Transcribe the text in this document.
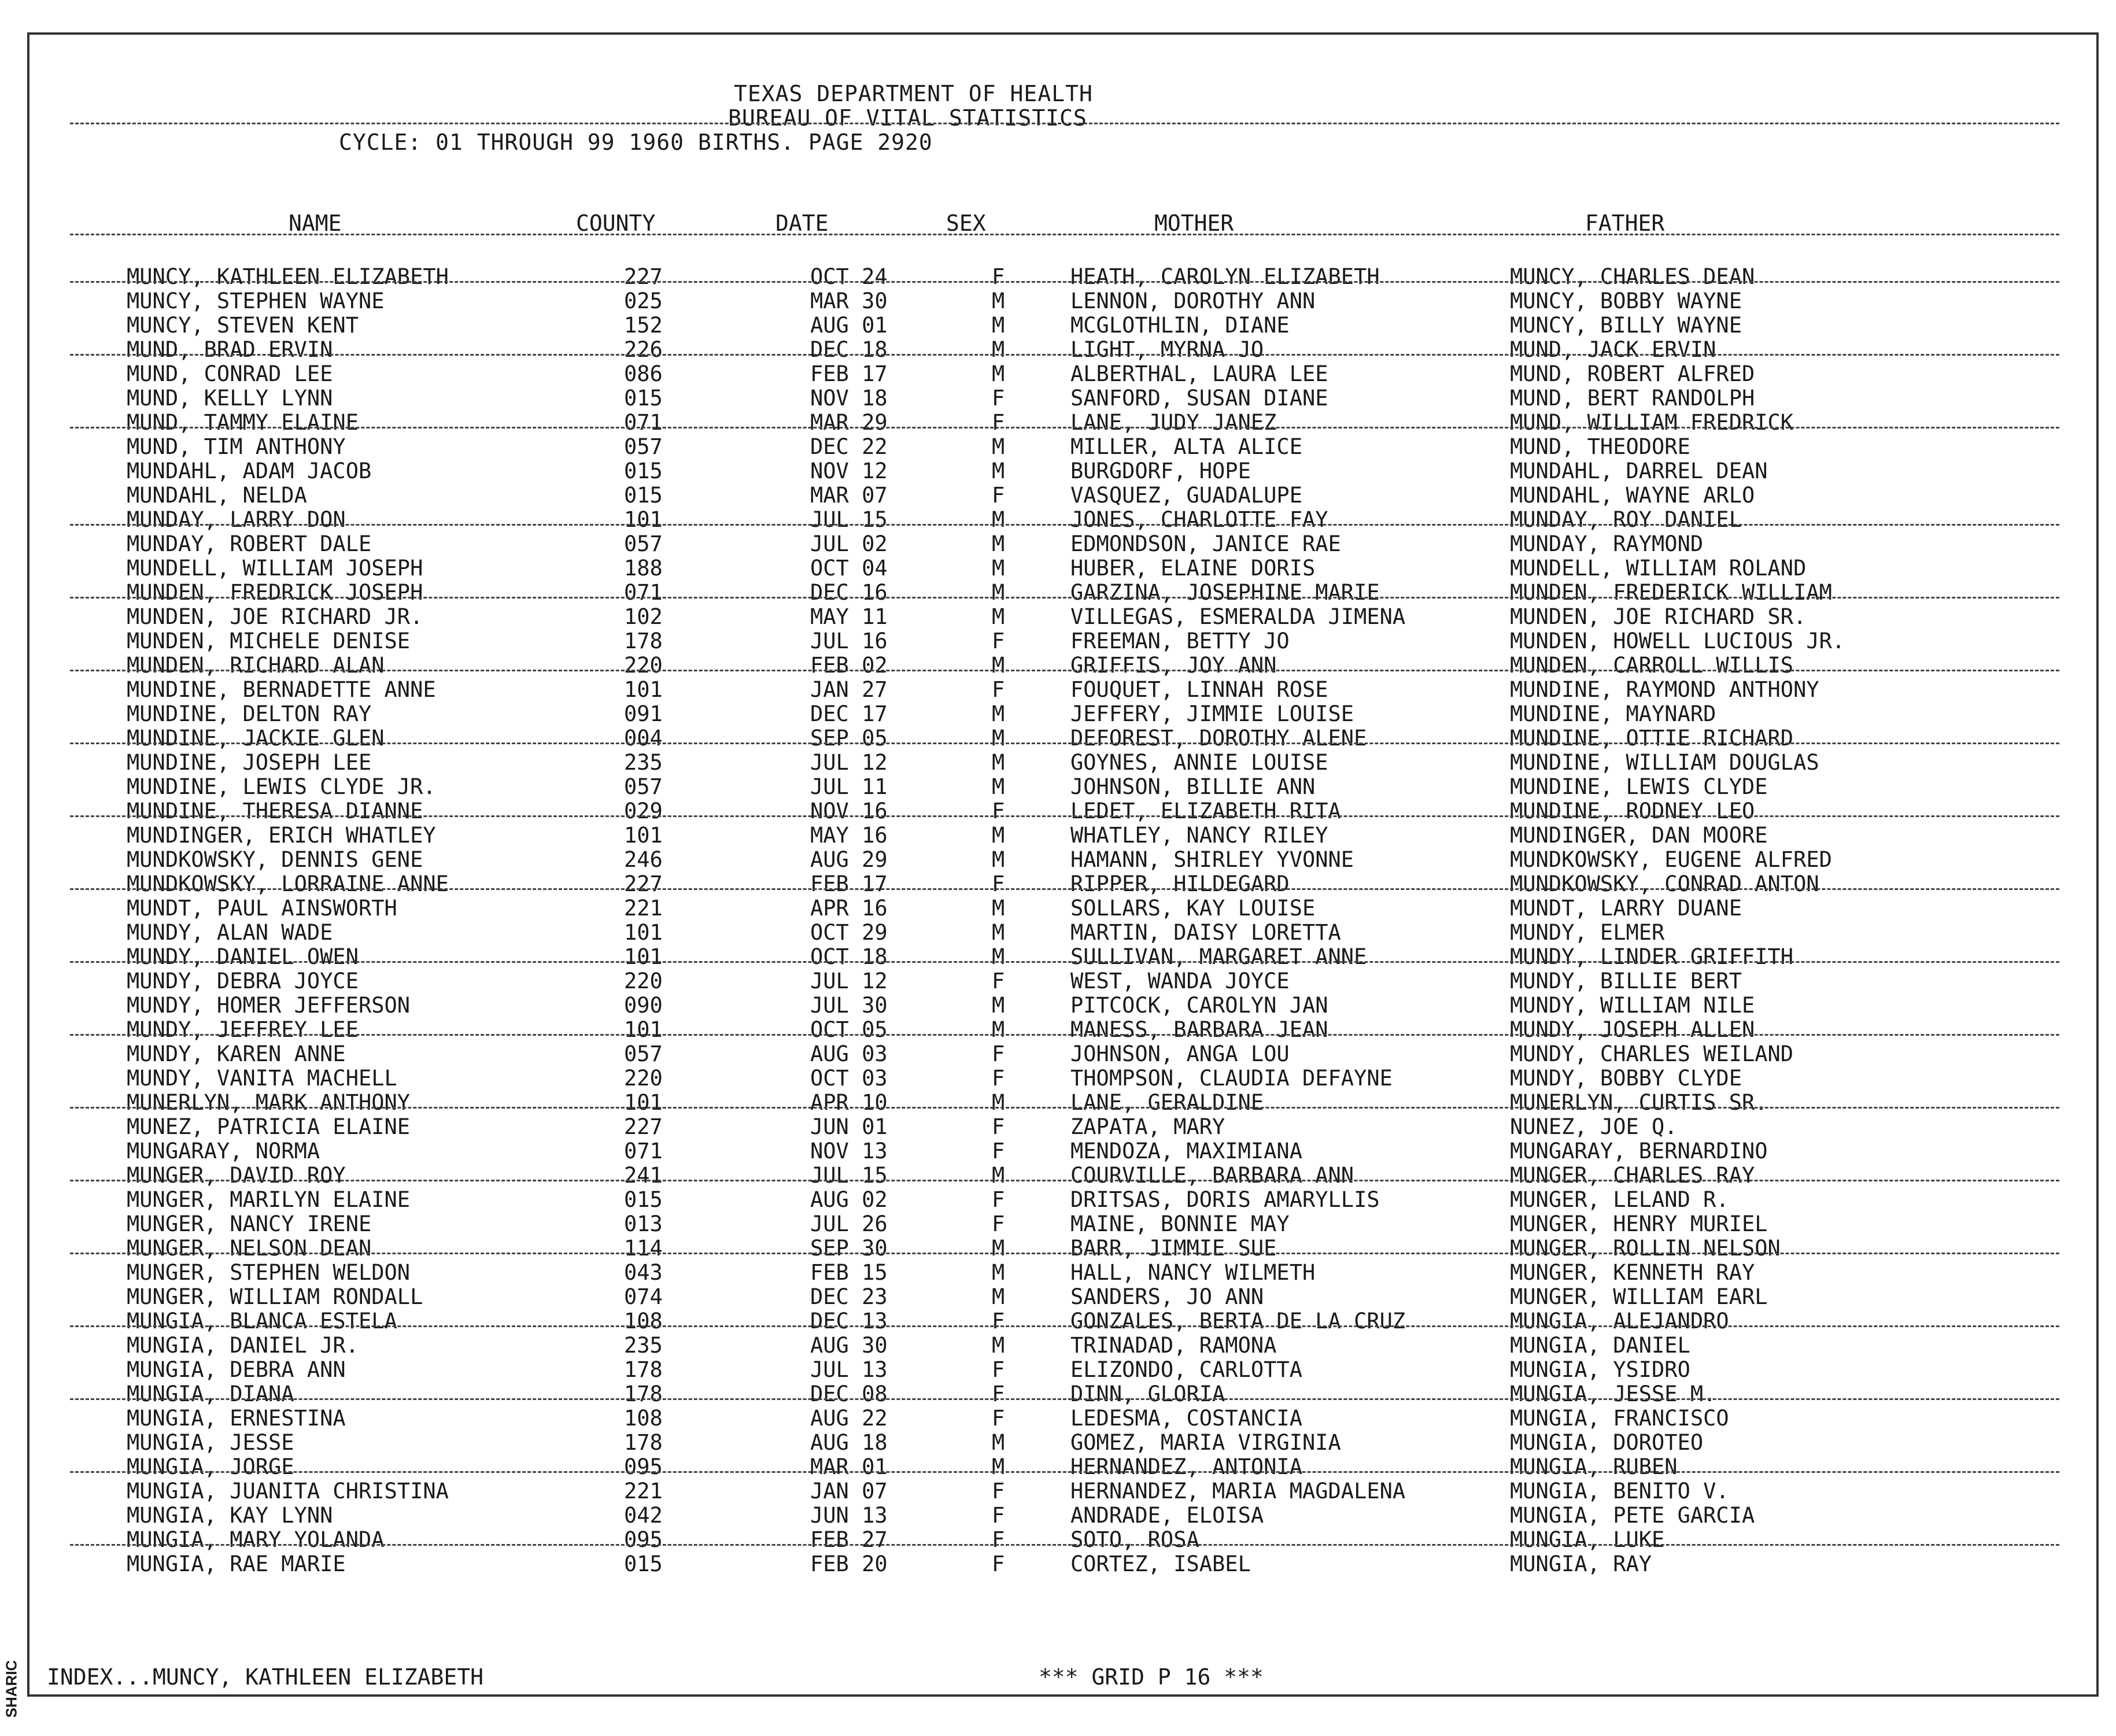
SHARIC
TEXAS DEPARTMENT OF HEALTH
BUREAU OF VITAL STATISTICS
CYCLE: 01 THROUGH 99 1960 BIRTHS. PAGE 2920
NAME	COUNTY	DATE	SEX	MOTHER	FATHER
MUNCY, KATHLEEN ELIZABETH	227	OCT 24	F	HEATH, CAROLYN ELIZABETH	MUNCY, CHARLES DEAN
MUNCY, STEPHEN WAYNE	025	MAR 30	M	LENNON, DOROTHY ANN	MUNCY, BOBBY WAYNE
MUNCY, STEVEN KENT	152	AUG 01	M	MCGLOTHLIN, DIANE	MUNCY, BILLY WAYNE
MUND, BRAD ERVIN	226	DEC 18	M	LIGHT, MYRNA JO	MUND, JACK ERVIN
MUND, CONRAD LEE	086	FEB 17	M	ALBERTHAL, LAURA LEE	MUND, ROBERT ALFRED
MUND, KELLY LYNN	015	NOV 18	F	SANFORD, SUSAN DIANE	MUND, BERT RANDOLPH
MUND, TAMMY ELAINE	071	MAR 29	F	LANE, JUDY JANEZ	MUND, WILLIAM FREDRICK
MUND, TIM ANTHONY	057	DEC 22	M	MILLER, ALTA ALICE	MUND, THEODORE
MUNDAHL, ADAM JACOB	015	NOV 12	M	BURGDORF, HOPE	MUNDAHL, DARREL DEAN
MUNDAHL, NELDA	015	MAR 07	F	VASQUEZ, GUADALUPE	MUNDAHL, WAYNE ARLO
MUNDAY, LARRY DON	101	JUL 15	M	JONES, CHARLOTTE FAY	MUNDAY, ROY DANIEL
MUNDAY, ROBERT DALE	057	JUL 02	M	EDMONDSON, JANICE RAE	MUNDAY, RAYMOND
MUNDELL, WILLIAM JOSEPH	188	OCT 04	M	HUBER, ELAINE DORIS	MUNDELL, WILLIAM ROLAND
MUNDEN, FREDRICK JOSEPH	071	DEC 16	M	GARZINA, JOSEPHINE MARIE	MUNDEN, FREDERICK WILLIAM
MUNDEN, JOE RICHARD JR.	102	MAY 11	M	VILLEGAS, ESMERALDA JIMENA	MUNDEN, JOE RICHARD SR.
MUNDEN, MICHELE DENISE	178	JUL 16	F	FREEMAN, BETTY JO	MUNDEN, HOWELL LUCIOUS JR.
MUNDEN, RICHARD ALAN	220	FEB 02	M	GRIFFIS, JOY ANN	MUNDEN, CARROLL WILLIS
MUNDINE, BERNADETTE ANNE	101	JAN 27	F	FOUQUET, LINNAH ROSE	MUNDINE, RAYMOND ANTHONY
MUNDINE, DELTON RAY	091	DEC 17	M	JEFFERY, JIMMIE LOUISE	MUNDINE, MAYNARD
MUNDINE, JACKIE GLEN	004	SEP 05	M	DEFOREST, DOROTHY ALENE	MUNDINE, OTTIE RICHARD
MUNDINE, JOSEPH LEE	235	JUL 12	M	GOYNES, ANNIE LOUISE	MUNDINE, WILLIAM DOUGLAS
MUNDINE, LEWIS CLYDE JR.	057	JUL 11	M	JOHNSON, BILLIE ANN	MUNDINE, LEWIS CLYDE
MUNDINE, THERESA DIANNE	029	NOV 16	F	LEDET, ELIZABETH RITA	MUNDINE, RODNEY LEO
MUNDINGER, ERICH WHATLEY	101	MAY 16	M	WHATLEY, NANCY RILEY	MUNDINGER, DAN MOORE
MUNDKOWSKY, DENNIS GENE	246	AUG 29	M	HAMANN, SHIRLEY YVONNE	MUNDKOWSKY, EUGENE ALFRED
MUNDKOWSKY, LORRAINE ANNE	227	FEB 17	F	RIPPER, HILDEGARD	MUNDKOWSKY, CONRAD ANTON
MUNDT, PAUL AINSWORTH	221	APR 16	M	SOLLARS, KAY LOUISE	MUNDT, LARRY DUANE
MUNDY, ALAN WADE	101	OCT 29	M	MARTIN, DAISY LORETTA	MUNDY, ELMER
MUNDY, DANIEL OWEN	101	OCT 18	M	SULLIVAN, MARGARET ANNE	MUNDY, LINDER GRIFFITH
MUNDY, DEBRA JOYCE	220	JUL 12	F	WEST, WANDA JOYCE	MUNDY, BILLIE BERT
MUNDY, HOMER JEFFERSON	090	JUL 30	M	PITCOCK, CAROLYN JAN	MUNDY, WILLIAM NILE
MUNDY, JEFFREY LEE	101	OCT 05	M	MANESS, BARBARA JEAN	MUNDY, JOSEPH ALLEN
MUNDY, KAREN ANNE	057	AUG 03	F	JOHNSON, ANGA LOU	MUNDY, CHARLES WEILAND
MUNDY, VANITA MACHELL	220	OCT 03	F	THOMPSON, CLAUDIA DEFAYNE	MUNDY, BOBBY CLYDE
MUNERLYN, MARK ANTHONY	101	APR 10	M	LANE, GERALDINE	MUNERLYN, CURTIS SR.
MUNEZ, PATRICIA ELAINE	227	JUN 01	F	ZAPATA, MARY	NUNEZ, JOE Q.
MUNGARAY, NORMA	071	NOV 13	F	MENDOZA, MAXIMIANA	MUNGARAY, BERNARDINO
MUNGER, DAVID ROY	241	JUL 15	M	COURVILLE, BARBARA ANN	MUNGER, CHARLES RAY
MUNGER, MARILYN ELAINE	015	AUG 02	F	DRITSAS, DORIS AMARYLLIS	MUNGER, LELAND R.
MUNGER, NANCY IRENE	013	JUL 26	F	MAINE, BONNIE MAY	MUNGER, HENRY MURIEL
MUNGER, NELSON DEAN	114	SEP 30	M	BARR, JIMMIE SUE	MUNGER, ROLLIN NELSON
MUNGER, STEPHEN WELDON	043	FEB 15	M	HALL, NANCY WILMETH	MUNGER, KENNETH RAY
MUNGER, WILLIAM RONDALL	074	DEC 23	M	SANDERS, JO ANN	MUNGER, WILLIAM EARL
MUNGIA, BLANCA ESTELA	108	DEC 13	F	GONZALES, BERTA DE LA CRUZ	MUNGIA, ALEJANDRO
MUNGIA, DANIEL JR.	235	AUG 30	M	TRINADAD, RAMONA	MUNGIA, DANIEL
MUNGIA, DEBRA ANN	178	JUL 13	F	ELIZONDO, CARLOTTA	MUNGIA, YSIDRO
MUNGIA, DIANA	178	DEC 08	F	DINN, GLORIA	MUNGIA, JESSE M.
MUNGIA, ERNESTINA	108	AUG 22	F	LEDESMA, COSTANCIA	MUNGIA, FRANCISCO
MUNGIA, JESSE	178	AUG 18	M	GOMEZ, MARIA VIRGINIA	MUNGIA, DOROTEO
MUNGIA, JORGE	095	MAR 01	M	HERNANDEZ, ANTONIA	MUNGIA, RUBEN
MUNGIA, JUANITA CHRISTINA	221	JAN 07	F	HERNANDEZ, MARIA MAGDALENA	MUNGIA, BENITO V.
MUNGIA, KAY LYNN	042	JUN 13	F	ANDRADE, ELOISA	MUNGIA, PETE GARCIA
MUNGIA, MARY YOLANDA	095	FEB 27	F	SOTO, ROSA	MUNGIA, LUKE
MUNGIA, RAE MARIE	015	FEB 20	F	CORTEZ, ISABEL	MUNGIA, RAY
INDEX...MUNCY, KATHLEEN ELIZABETH	*** GRID P 16 ***
